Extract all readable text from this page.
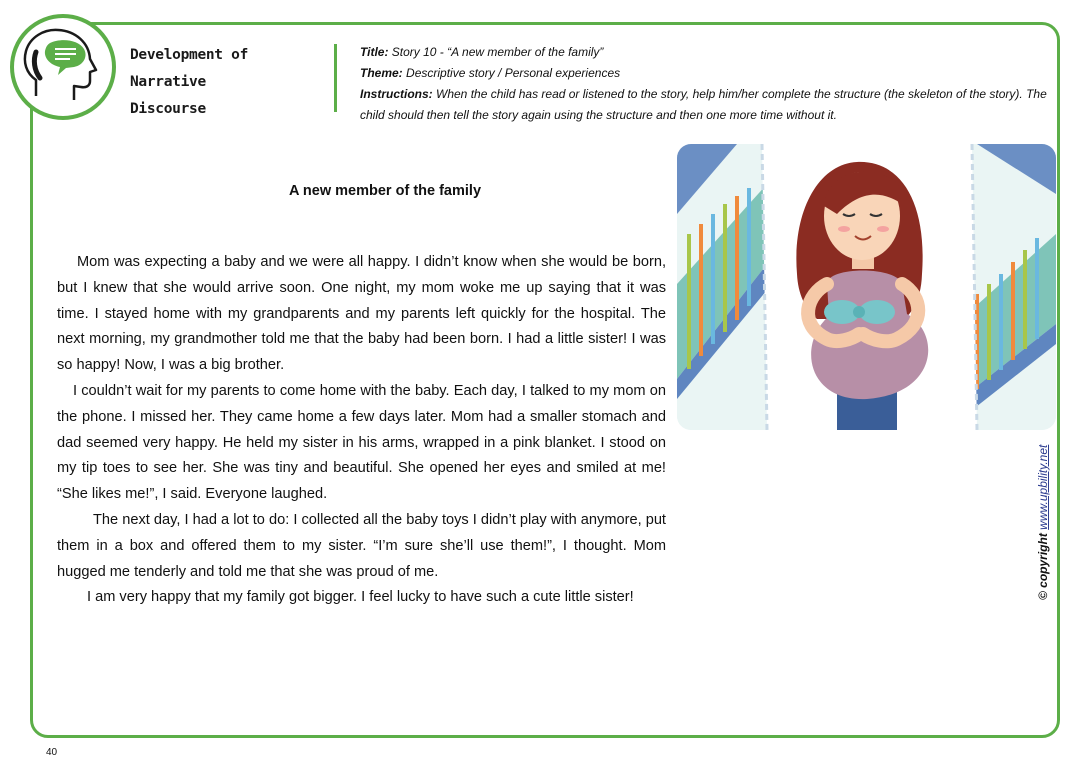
Development of Narrative
Discourse
Title: Story 10 - “A new member of the family”
Theme: Descriptive story / Personal experiences
Instructions: When the child has read or listened to the story, help him/her complete the structure (the skeleton of the story). The child should then tell the story again using the structure and then one more time without it.
A new member of the family

Mom was expecting a baby and we were all happy. I didn’t know when she would be born, but I knew that she would arrive soon. One night, my mom woke me up saying that it was time. I stayed home with my grandparents and my parents left quickly for the hospital. The next morning, my grandmother told me that the baby had been born. I had a little sister! I was so happy! Now, I was a big brother.

I couldn’t wait for my parents to come home with the baby. Each day, I talked to my mom on the phone. I missed her. They came home a few days later. Mom had a smaller stomach and dad seemed very happy. He held my sister in his arms, wrapped in a pink blanket. I stood on my tip toes to see her. She was tiny and beautiful. She opened her eyes and smiled at me! “She likes me!”, I said. Everyone laughed.

The next day, I had a lot to do: I collected all the baby toys I didn’t play with anymore, put them in a box and offered them to my sister. “I’m sure she’ll use them!”, I thought. Mom hugged me tenderly and told me that she was proud of me.

I am very happy that my family got bigger. I feel lucky to have such a cute little sister!	© copyright www.upbility.net
40
